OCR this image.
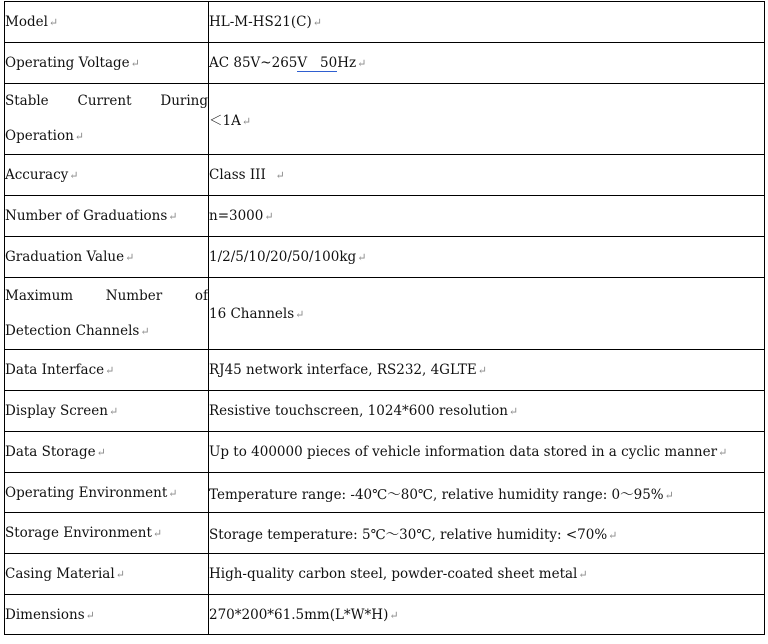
Model↵	HL-M-HS21(C)↵
Operating Voltage↵	AC 85V~265V   50Hz↵

Stable Current During Operation↵	＜1A↵
Accuracy↵	Class III ↵
Number of Graduations↵	n=3000↵
Graduation Value↵	1/2/5/10/20/50/100kg↵

Maximum Number of Detection Channels↵	16 Channels↵
Data Interface↵	RJ45 network interface, RS232, 4GLTE↵
Display Screen↵	Resistive touchscreen, 1024*600 resolution↵
Data Storage↵	Up to 400000 pieces of vehicle information data stored in a cyclic manner↵
Operating Environment↵	Temperature range: -40℃～80℃, relative humidity range: 0～95%↵
Storage Environment↵	Storage temperature: 5℃～30℃, relative humidity: <70%↵
Casing Material↵	High-quality carbon steel, powder-coated sheet metal↵
Dimensions↵	270*200*61.5mm(L*W*H)↵
